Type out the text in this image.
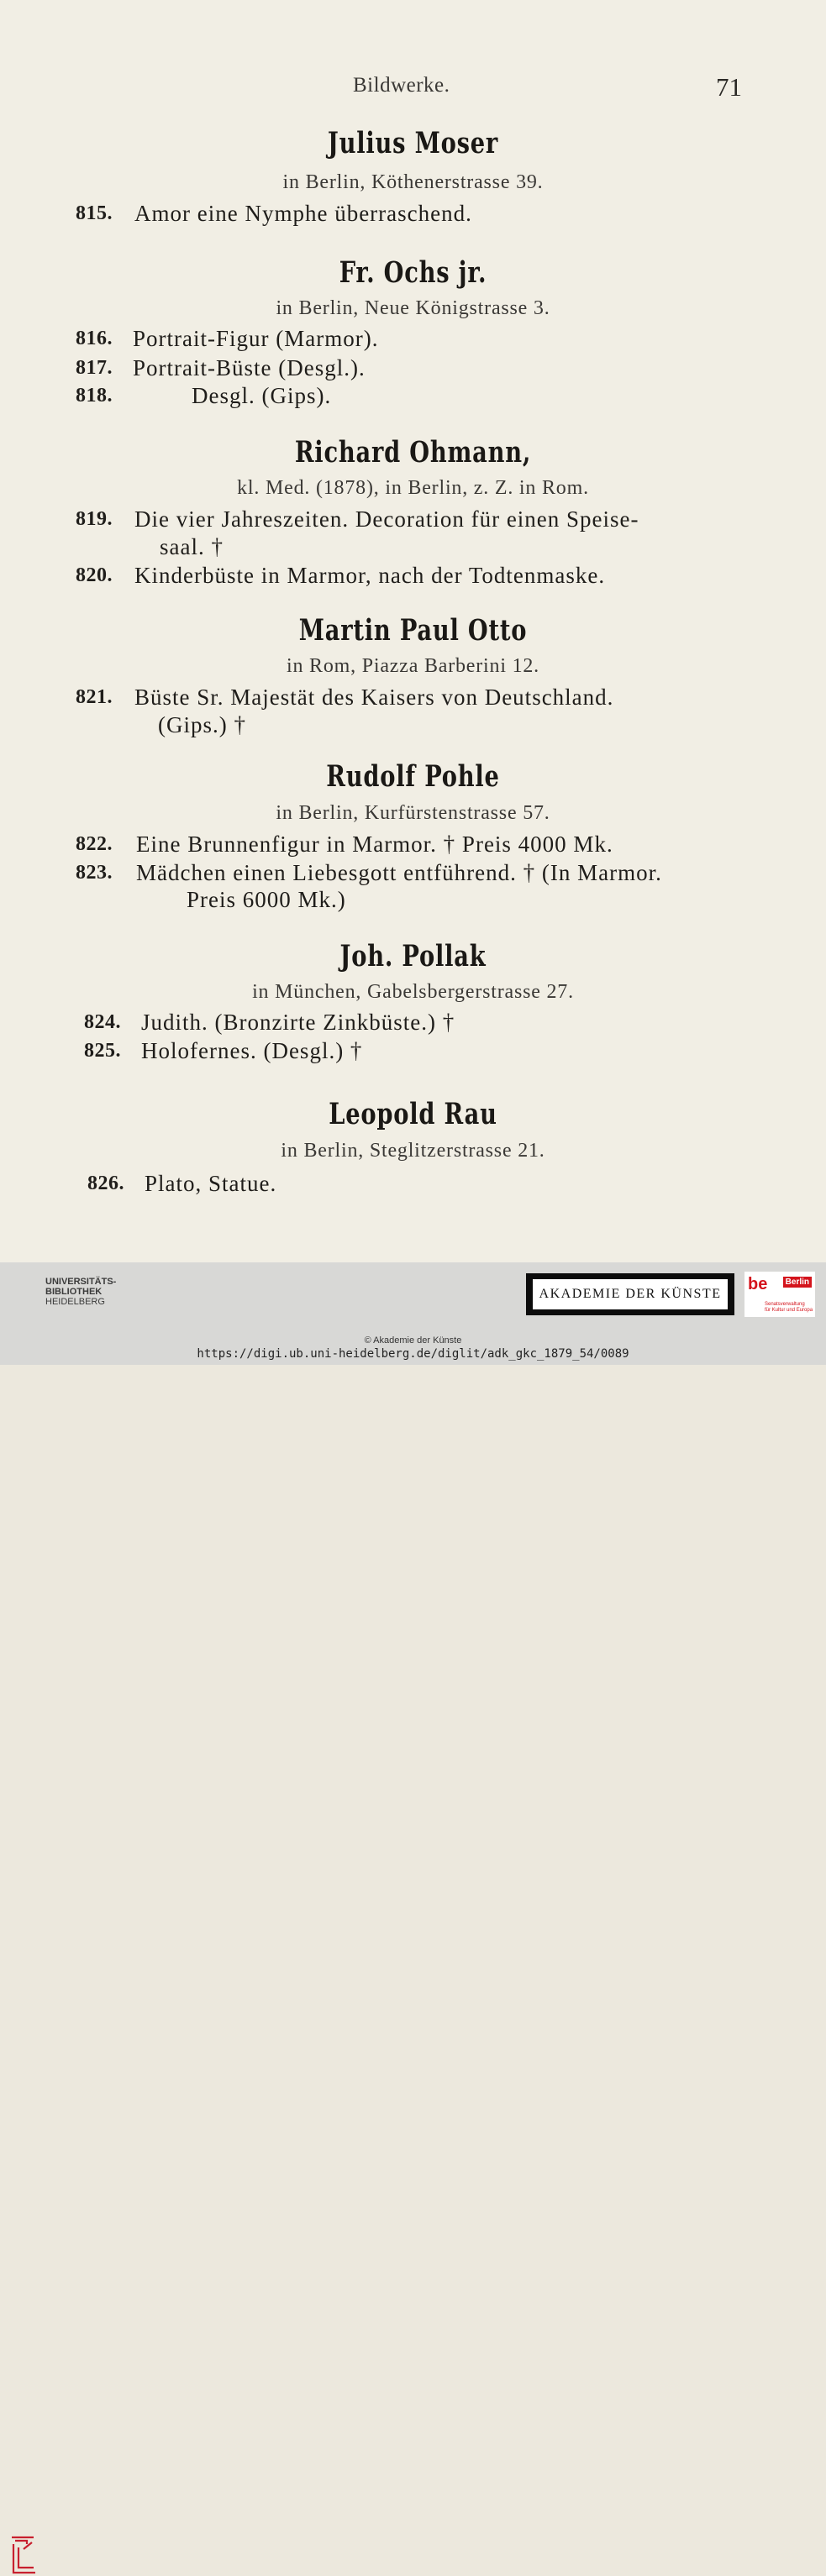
Bildwerke.	71
Julius Moser
in Berlin, Köthenerstrasse 39.
815. Amor eine Nymphe überraschend.
Fr. Ochs jr.
in Berlin, Neue Königstrasse 3.
816. Portrait-Figur (Marmor).
817. Portrait-Büste (Desgl.).
818.	Desgl. (Gips).
Richard Ohmann,
kl. Med. (1878), in Berlin, z. Z. in Rom.
819. Die vier Jahreszeiten. Decoration für einen Speise-
saal. †
820. Kinderbüste in Marmor, nach der Todtenmaske.
Martin Paul Otto
in Rom, Piazza Barberini 12.
821. Büste Sr. Majestät des Kaisers von Deutschland.
(Gips.) †
Rudolf Pohle
in Berlin, Kurfürstenstrasse 57.
822. Eine Brunnenfigur in Marmor. † Preis 4000 Mk.
823. Mädchen einen Liebesgott entführend. † (In Marmor.
Preis 6000 Mk.)
Joh. Pollak
in München, Gabelsbergerstrasse 27.
824. Judith. (Bronzirte Zinkbüste.) †
825. Holofernes. (Desgl.) †
Leopold Rau
in Berlin, Steglitzerstrasse 21.
826. Plato, Statue.
UNIVERSITÄTS-
BIBLIOTHEK
HEIDELBERG
AKADEMIE DER KÜNSTE
be	Berlin
Senatsverwaltung
für Kultur und Europa
© Akademie der Künste
https://digi.ub.uni-heidelberg.de/diglit/adk_gkc_1879_54/0089
